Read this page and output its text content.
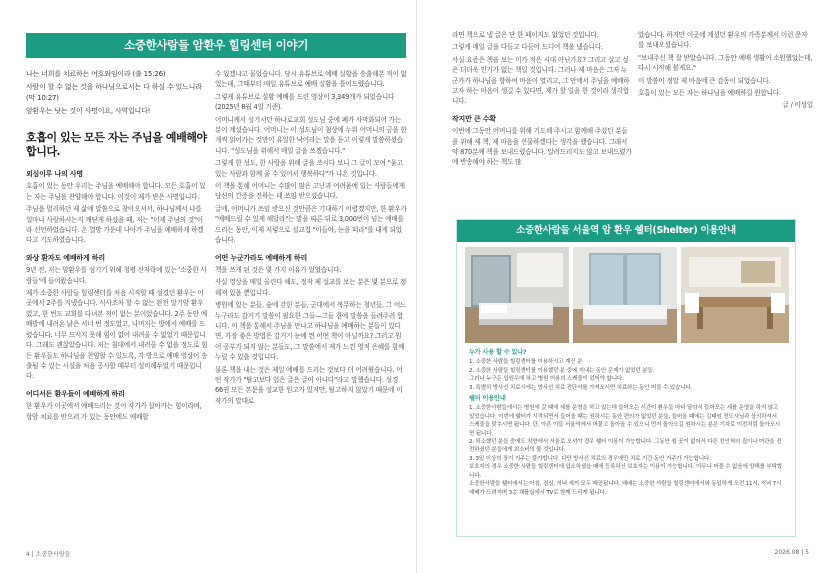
소중한사람들 암환우 힐링센터 이야기

나는 너희를 치료하는 여호와임이라 (출 15:26)

사람이 할 수 없는 것을 하나님으로서는 다 하실 수 있느니라 (막 10:27)

암환우는 낫는 것이 사명이요, 사역입니다!

호흡이 있는 모든 자는 주님을 예배해야 합니다.
외심이루 나의 사명

호흡이 있는 동안 우리는 주님을 예배해야 합니다. 모든 호흡이 있는 자는 주님을 찬양해야 합니다. 이것이 제가 받은 사명입니다.

주님을 멀리하던 제 삶에 말씀으로 찾아오셔서, 하나님께서 나를 얼마나 사랑하시는지 깨닫게 하셨을 때, 저는 "이제 주님의 것"이라 선언하였습니다. 온 열방 가운데 나아가 주님을 예배하게 하겠다고 기도하였습니다.

와상 환자도 예배하게 하리

9년 전, 저는 암환우를 섬기기 위해 청평 산자락에 있는 '소중한 사람들'에 들어왔습니다.

제가 소중한 사람들 힐링센터를 처음 시작할 때 섬겼던 환우는 이곳에서 2주를 지냈습니다. 식사조차 할 수 없는 완전 말기암 환우였고, 한 번도 교회를 다녀본 적이 없는 분이었습니다. 2주 동안 예배방에 내려온 낡은 서너 번 정도였고, 나머지는 방에서 예배를 드렸습니다. 너무 드시지 못해 힘이 없어 내려올 수 없었기 때문입니다. 그래도 괜찮았습니다. 저는 침대에서 내려올 수 없을 정도로 힘든 환우들도 하나님을 찬양할 수 있도록, 각 방으로 예배 영상이 송출될 수 있는 시설을 처음 공사할 때부터 설비해두었기 때문입니다.

어디서든 환우들이 예배하게 하리

한 환우가 이곳에서 예배드리는 것이 자기가 살아가는 힘이라며, 항암 치료를 받으러 가 있는 동안에도 예배할

수 있겠냐고 물었습니다. 당시 유튜브로 예배 실황을 송출해본 적이 없었는데, 그때부터 매일 유튜브로 예배 실황을 틀어드렸습니다.

그렇게 유튜브로 실황 예배를 드린 영상이 3,349개가 되었습니다(2025년 8월 4일 기준).

어머니께서 성기시던 하나로교회 성도님 중에 폐가 사막화되어 가는 분이 계셨습니다. 어머니는 이 성도님이 침상에 누워 어머니의 금을 한 개씩 읽어가는 것만이 유일한 낙이라는 말을 듣고 이렇게 말씀하셨습니다. "성도님을 위해서 매일 글을 쓰겠습니다."

그렇게 한 성도, 한 사람을 위해 글을 쓰시다 보니 그 글이 모여 "울고 있는 사람과 함께 울 수 있어서 행복하다"가 나온 것입니다.

이 책을 통해 어머니는 수많이 많은 고난과 어려움에 있는 사람들에게 당신의 간증을 전하는 데 쓰임 받으셨습니다.

글에, 어머니가 쓰임 받으신 것만큼은 기대하기 어렵겠지만, 한 환우가 "예배드릴 수 있게 해달라"는 말을 따른 뒤로 3,000번이 넘는 예배를 드리는 동안, 이제 저렇으로 설교집 "아들아, 눈을 떠라"를 내게 되었습니다.

어떤 누군가라도 예배하게 하리

책을 쓰게 된 것은 몇 가지 이유가 있었습니다.

사실 영상을 매일 올린다 해도, 정작 제 설교를 보는 분은 몇 분으로 정해져 있을 뿐입니다.

병원에 있는 분들, 숲에 갇힌 분들, 군대에서 복무하는 청년들, 그 어느 누구라도 감거기 말씀이 필요한 그들—그들 곁에 말씀을 들려주려 합니다. 이 책을 통해서 주님을 만나고 하나님을 예배하는 분들이 있다면, 가장 좋은 방법은 감거기 눈에 띈 어떤 책이 아닐까요? 그러고 원어 공부가 되지 않는 분들도, 그 말씀에서 제가 느낀 영적 은혜를 함께 누릴 수 있을 것입니다.

물론 책을 내는 것은 제일 예배를 드리는 것보다 더 어려웠습니다. 어떤 작가가 "탈고보다 엎은 글은 글이 아니다"라고 말했습니다. 성경 66권 모든 본문을 설교한 원고가 있지만, 탈고하지 않았기 때문에 이 작가의 말대로

4 | 소중한사람들

라면 책으로 낼 글은 단 한 페이지도 없었던 것입니다.

그렇게 매일 글을 다듬고 다듬어 드디어 책을 냈습니다.

사실 요즘은 책을 보는 이가 적은 시대 아닌가요? 그리고 살고 싶은 더더욱 인기가 없는 책일 것입니다. 그러나 제 마음은 그저 누군가가 하나님을 향하여 마음이 열리고, 그 안에서 주님을 예배하고자 하는 마음이 생길 수 있다면, 제가 할 일을 한 것이라 생각합니다.

작지만 큰 수확

이번에 그동안 어머니를 위해 기도해 주시고 함께해 주셨던 분들을 위해 제 책, 제 마음을 선물하겠다는 생각을 했습니다. 그래서 약 870분께 책을 보내드렸습니다. 알려드리지도 않고 보내드렸기에 반송해야 하는 책도 많

았습니다. 하지만 이곳에 계셨던 환우의 가족분께서 이런 문자를 보내오셨습니다.

"보내주신 책 잘 받았습니다. 그동안 예배 생활이 소원했었는데, 다시 시작해 볼게요."

이 말씀이 정말 제 마음에 큰 감동이 되었습니다.

호흡이 있는 모든 자는 하나님을 예배하길 원합니다.

글 / 이성일

소중한사람들 서울역 암 환우 쉘터(Shelter) 이용안내
누가 사용 할 수 있나?

1. 소중한 사람들 힐링센터를 이용하시고 계신 분

2. 소중한 사람들 힐링센터를 이용했던 분 중에 지내는 동안 문제가 없었던 분들.

그러나 누구든 입원우에 하고 병원 이용의 스케줄이 있어야 합니다.

3. 특별히 방사선 치료시에는 방사선 치료 진단서를 가져오시면 치료하는 동안 머물 수 있습니다.

쉘터 이용안내

1. 소중한사람들에서는 병원에 갈 때에 세를 운영을 하고 있는데 들어오는 시간이 환우들 마다 달라서 들어오는 세를 운영을 하지 않고 있었습니다. 이번에 쉘터가 시작되면서 들어올 때는 원하시는 동안 편의가 없었던 분들, 들어올 때에는 김태원 전도사님과 상의하셔서 스케줄을 맞추시면 됩니다. 단, 아픈 이들 서울역에서 머물고 돌아올 수 있으니 먼저 돌아오길 원하시는 분은 기차로 이전처럼 돌아오시면 됩니다.

2. 퇴소했던 분들 중에도 지방에서 서울로 오셔야 경우 쉘터 이용이 가능합니다. 그동안 쉴 곳이 없어서 다른 친인척의 집이나 여관을 전전하셨던 분들에게 최소비의 물 것입니다.

3. 3일 이상의 장기 거주는 불가합니다. 다만 방사선 치료의 경우에만 치료 기간 동안 거주가 가능합니다.

보호자의 경우 소중한 사람들 힐링센터에 입소하셨을 때에 등록하신 보호자는 이용이 가능합니다. 아무나 머물 수 없음에 양해를 부탁합니다.

소중한사람들 쉘터에서는 아침, 점심, 저녁 세끼 모두 제공됩니다. 예배는 소중한 사람들 힐링센터에서와 동일하게 오전 11시, 저녁 7시 예배가 드려지며 3층 채플실에서 TV로 함께 드리게 됩니다.

2026.08 | 5
